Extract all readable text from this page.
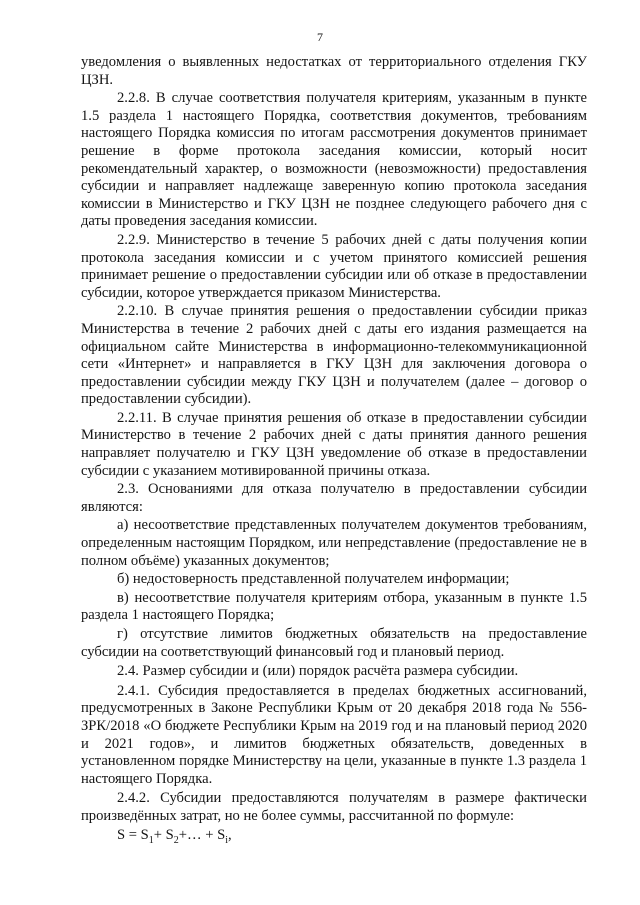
7

уведомления о выявленных недостатках от территориального отделения ГКУ ЦЗН.

2.2.8. В случае соответствия получателя критериям, указанным в пункте 1.5 раздела 1 настоящего Порядка, соответствия документов, требованиям настоящего Порядка комиссия по итогам рассмотрения документов принимает решение в форме протокола заседания комиссии, который носит рекомендательный характер, о возможности (невозможности) предоставления субсидии и направляет надлежаще заверенную копию протокола заседания комиссии в Министерство и ГКУ ЦЗН не позднее следующего рабочего дня с даты проведения заседания комиссии.

2.2.9. Министерство в течение 5 рабочих дней с даты получения копии протокола заседания комиссии и с учетом принятого комиссией решения принимает решение о предоставлении субсидии или об отказе в предоставлении субсидии, которое утверждается приказом Министерства.

2.2.10. В случае принятия решения о предоставлении субсидии приказ Министерства в течение 2 рабочих дней с даты его издания размещается на официальном сайте Министерства в информационно-телекоммуникационной сети «Интернет» и направляется в ГКУ ЦЗН для заключения договора о предоставлении субсидии между ГКУ ЦЗН и получателем (далее – договор о предоставлении субсидии).

2.2.11. В случае принятия решения об отказе в предоставлении субсидии Министерство в течение 2 рабочих дней с даты принятия данного решения направляет получателю и ГКУ ЦЗН уведомление об отказе в предоставлении субсидии с указанием мотивированной причины отказа.

2.3. Основаниями для отказа получателю в предоставлении субсидии являются:

а) несоответствие представленных получателем документов требованиям, определенным настоящим Порядком, или непредставление (предоставление не в полном объёме) указанных документов;

б) недостоверность представленной получателем информации;

в) несоответствие получателя критериям отбора, указанным в пункте 1.5 раздела 1 настоящего Порядка;

г) отсутствие лимитов бюджетных обязательств на предоставление субсидии на соответствующий финансовый год и плановый период.

2.4. Размер субсидии и (или) порядок расчёта размера субсидии.

2.4.1. Субсидия предоставляется в пределах бюджетных ассигнований, предусмотренных в Законе Республики Крым от 20 декабря 2018 года № 556-ЗРК/2018 «О бюджете Республики Крым на 2019 год и на плановый период 2020 и 2021 годов», и лимитов бюджетных обязательств, доведенных в установленном порядке Министерству на цели, указанные в пункте 1.3 раздела 1 настоящего Порядка.

2.4.2. Субсидии предоставляются получателям в размере фактически произведённых затрат, но не более суммы, рассчитанной по формуле:

$S = S_1+$ $S_2+\dots + S_i$,
